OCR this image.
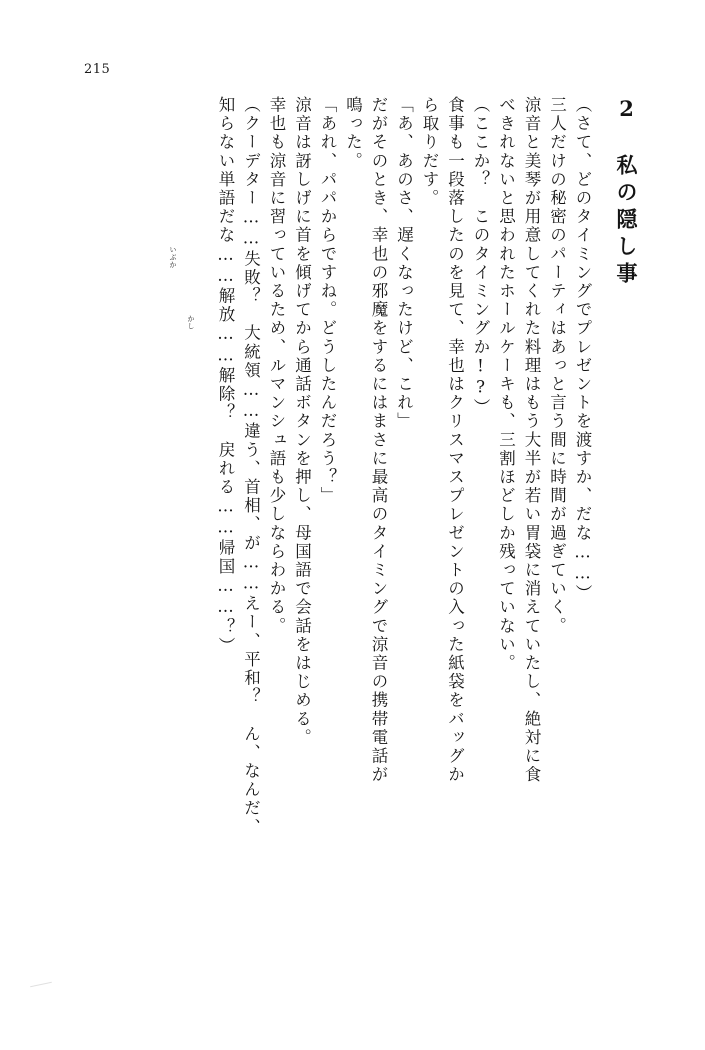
215
2　私の隠し事
（さて、どのタイミングでプレゼントを渡すか、だな……）
三人だけの秘密のパーティはあっと言う間に時間が過ぎていく。
涼音と美琴が用意してくれた料理はもう大半が若い胃袋に消えていたし、絶対に食
べきれないと思われたホールケーキも、三割ほどしか残っていない。
（ここか？　このタイミングか!?）
食事も一段落したのを見て、幸也はクリスマスプレゼントの入った紙袋をバッグか
ら取りだす。
「あ、あのさ、遅くなったけど、これ」
だがそのとき、幸也の邪魔をするにはまさに最高のタイミングで涼音の携帯電話が
鳴った。
「あれ、パパからですね。どうしたんだろう？」
涼音は訝しげに首を傾げてから通話ボタンを押し、母国語で会話をはじめる。
幸也も涼音に習っているため、ルマンシュ語も少しならわかる。
（クーデター……失敗？　大統領……違う、首相、が……えー、平和？　ん、なんだ、
知らない単語だな……解放……解除？　戻れる……帰国……？）
いぶか
かし
